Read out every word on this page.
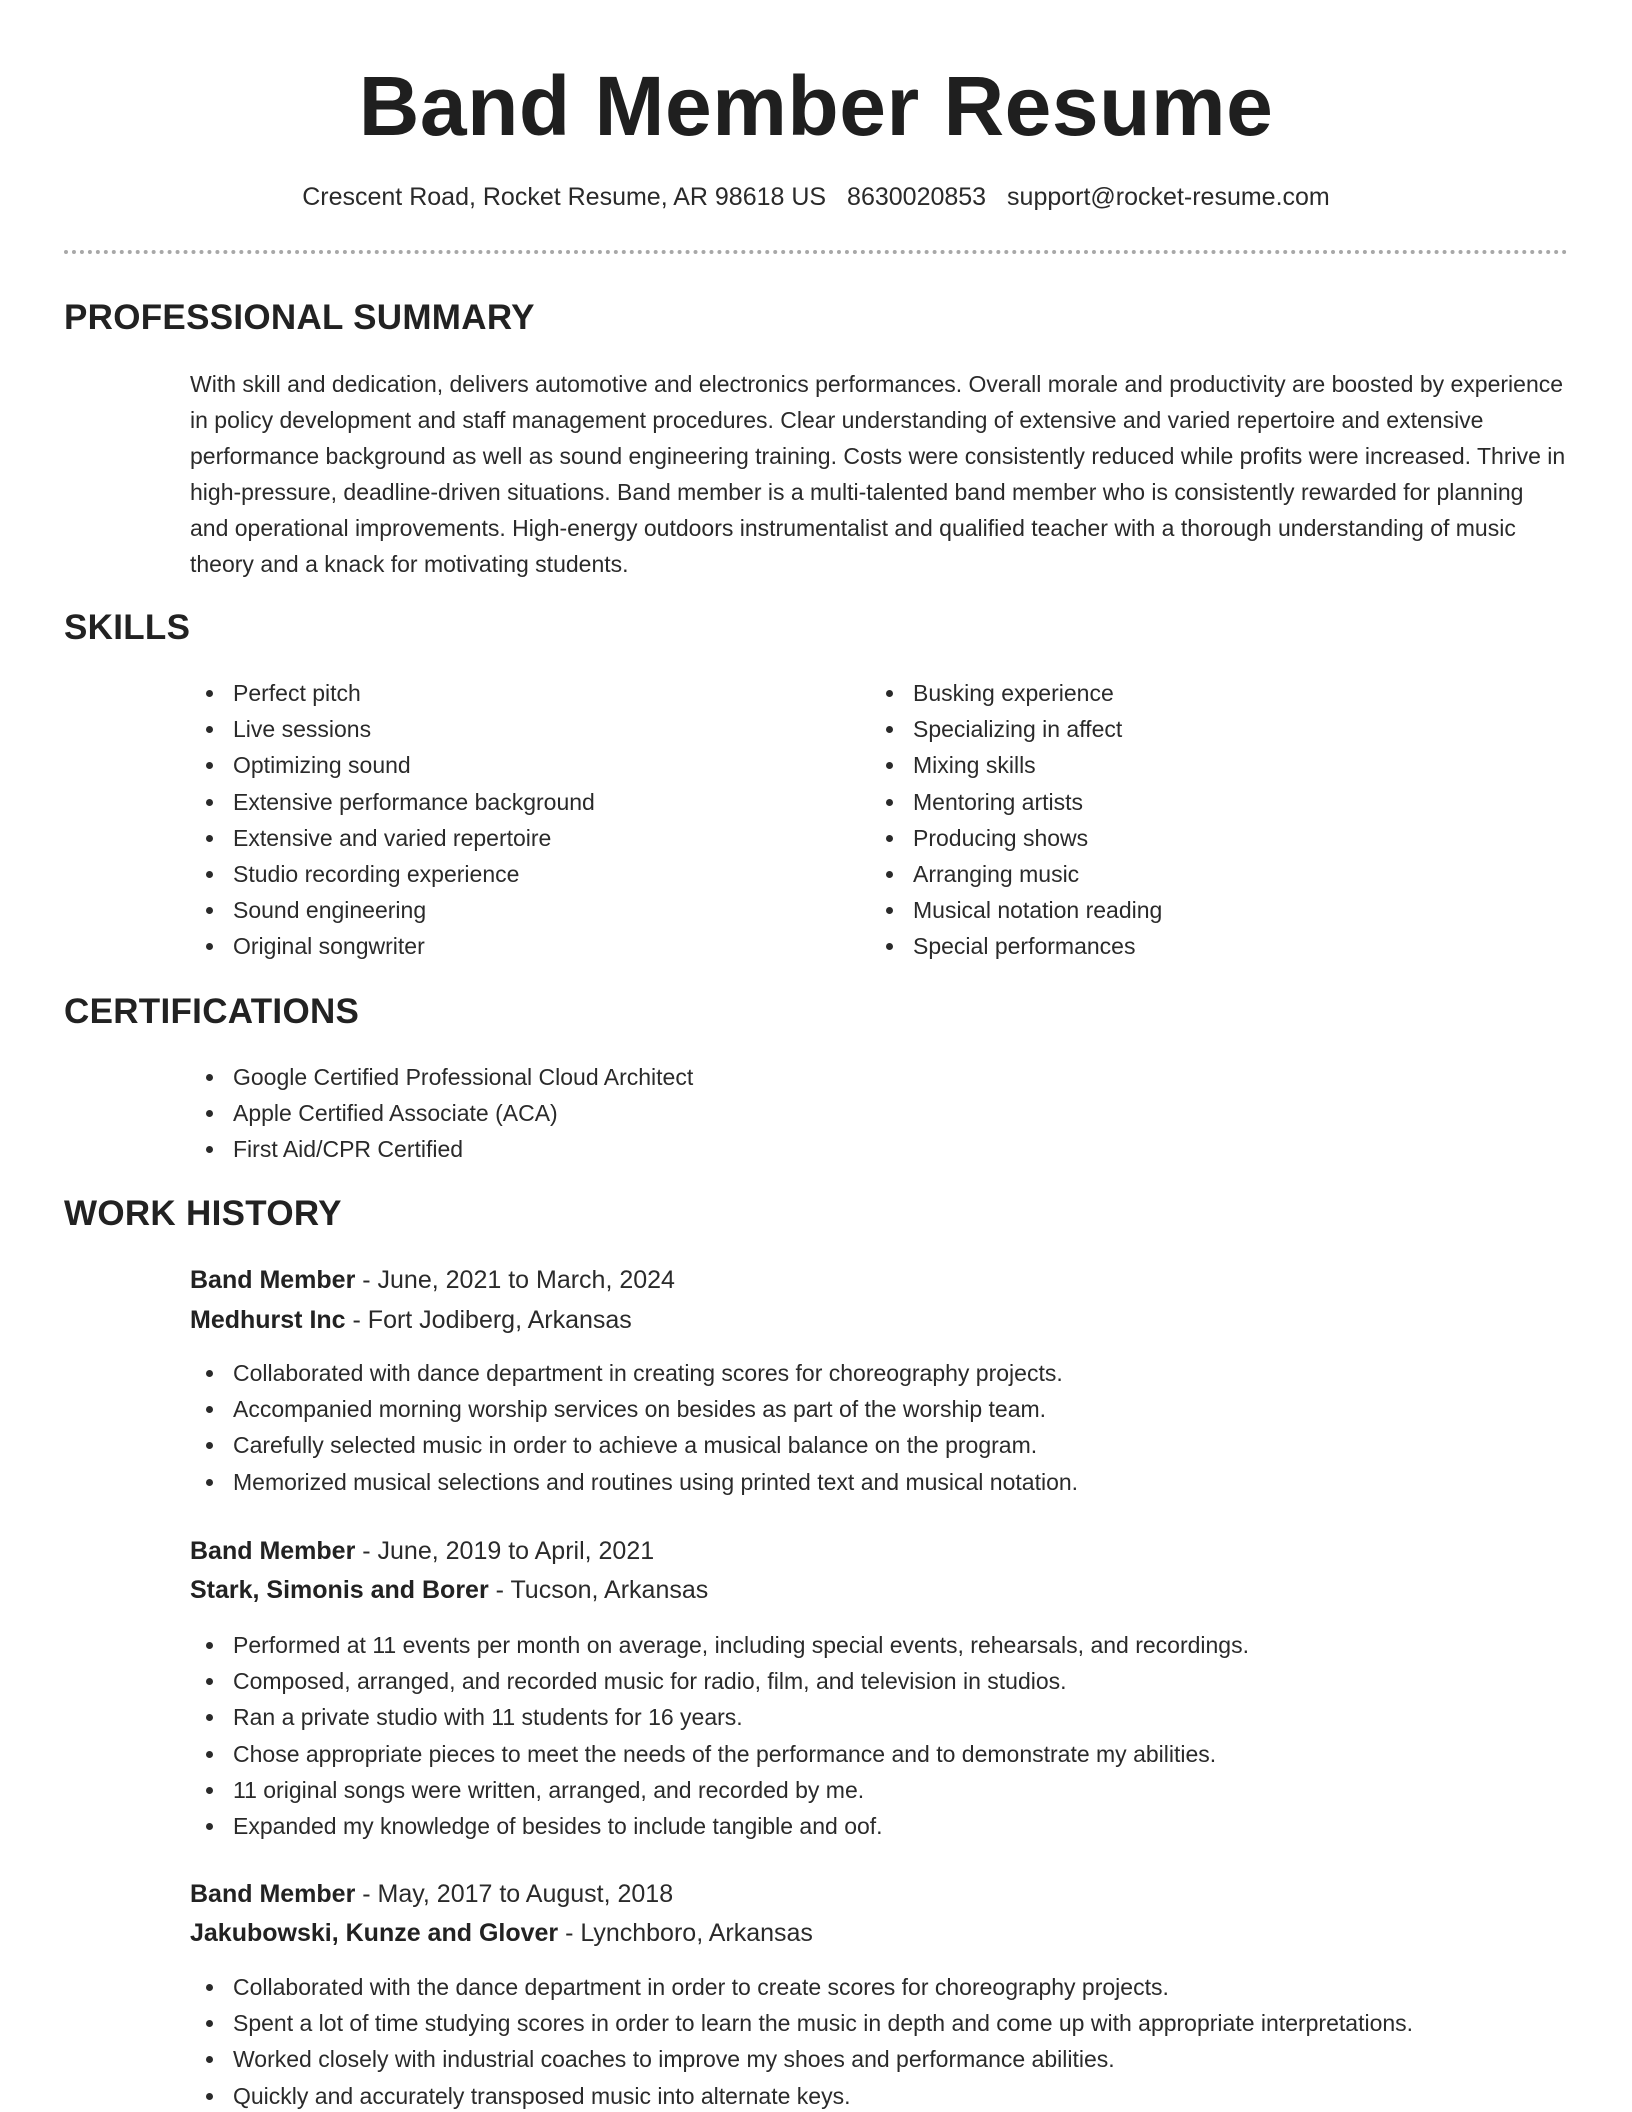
Band Member Resume
Crescent Road, Rocket Resume, AR 98618 US 8630020853 support@rocket-resume.com
PROFESSIONAL SUMMARY
With skill and dedication, delivers automotive and electronics performances. Overall morale and productivity are boosted by experience in policy development and staff management procedures. Clear understanding of extensive and varied repertoire and extensive performance background as well as sound engineering training. Costs were consistently reduced while profits were increased. Thrive in high-pressure, deadline-driven situations. Band member is a multi-talented band member who is consistently rewarded for planning and operational improvements. High-energy outdoors instrumentalist and qualified teacher with a thorough understanding of music theory and a knack for motivating students.
SKILLS
Perfect pitch
Live sessions
Optimizing sound
Extensive performance background
Extensive and varied repertoire
Studio recording experience
Sound engineering
Original songwriter
Busking experience
Specializing in affect
Mixing skills
Mentoring artists
Producing shows
Arranging music
Musical notation reading
Special performances
CERTIFICATIONS
Google Certified Professional Cloud Architect
Apple Certified Associate (ACA)
First Aid/CPR Certified
WORK HISTORY
Band Member - June, 2021 to March, 2024
Medhurst Inc - Fort Jodiberg, Arkansas
Collaborated with dance department in creating scores for choreography projects.
Accompanied morning worship services on besides as part of the worship team.
Carefully selected music in order to achieve a musical balance on the program.
Memorized musical selections and routines using printed text and musical notation.
Band Member - June, 2019 to April, 2021
Stark, Simonis and Borer - Tucson, Arkansas
Performed at 11 events per month on average, including special events, rehearsals, and recordings.
Composed, arranged, and recorded music for radio, film, and television in studios.
Ran a private studio with 11 students for 16 years.
Chose appropriate pieces to meet the needs of the performance and to demonstrate my abilities.
11 original songs were written, arranged, and recorded by me.
Expanded my knowledge of besides to include tangible and oof.
Band Member - May, 2017 to August, 2018
Jakubowski, Kunze and Glover - Lynchboro, Arkansas
Collaborated with the dance department in order to create scores for choreography projects.
Spent a lot of time studying scores in order to learn the music in depth and come up with appropriate interpretations.
Worked closely with industrial coaches to improve my shoes and performance abilities.
Quickly and accurately transposed music into alternate keys.
